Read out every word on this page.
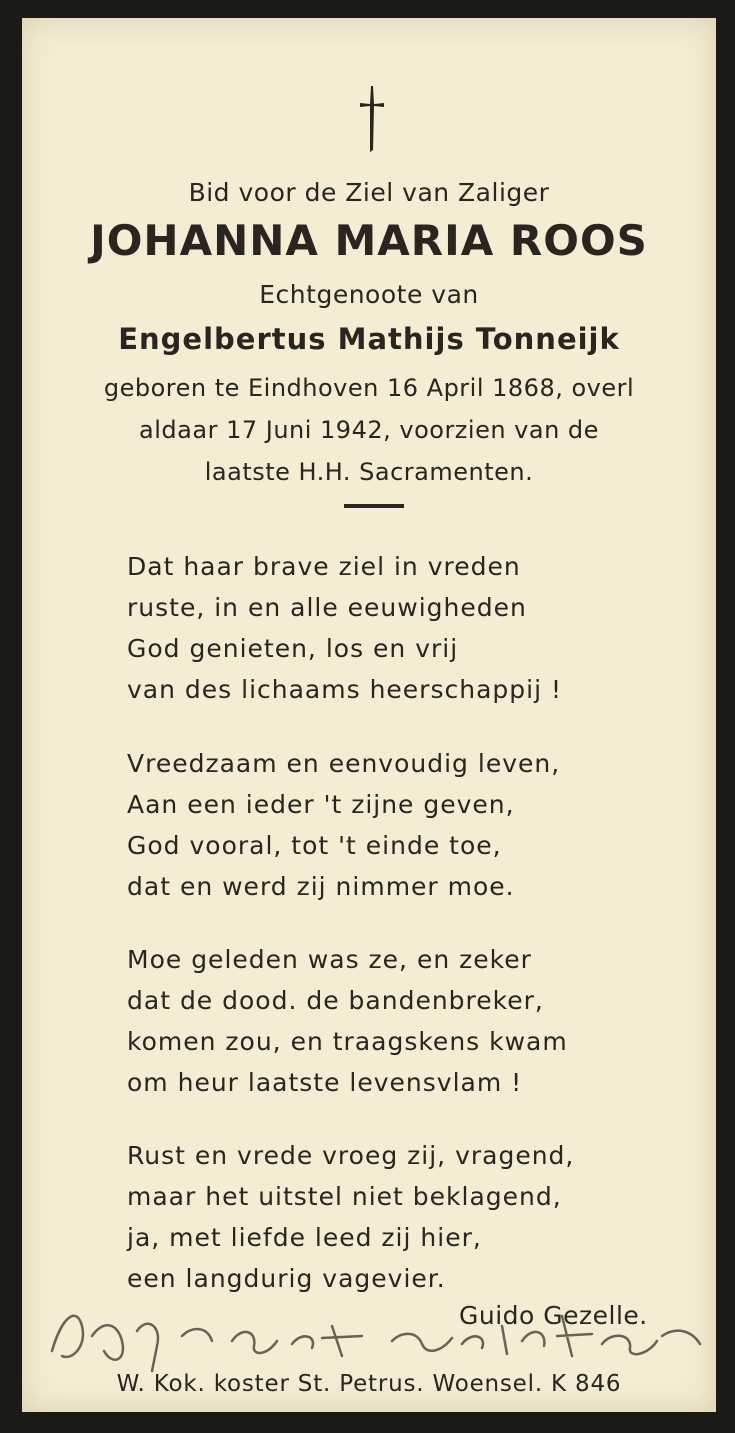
Bid voor de Ziel van Zaliger
JOHANNA MARIA ROOS
Echtgenoote van
Engelbertus Mathijs Tonneijk
geboren te Eindhoven 16 April 1868, overl
aldaar 17 Juni 1942, voorzien van de
laatste H.H. Sacramenten.
Dat haar brave ziel in vreden
ruste, in en alle eeuwigheden
God genieten, los en vrij
van des lichaams heerschappij !
Vreedzaam en eenvoudig leven,
Aan een ieder 't zijne geven,
God vooral, tot 't einde toe,
dat en werd zij nimmer moe.
Moe geleden was ze, en zeker
dat de dood. de bandenbreker,
komen zou, en traagskens kwam
om heur laatste levensvlam !
Rust en vrede vroeg zij, vragend,
maar het uitstel niet beklagend,
ja, met liefde leed zij hier,
een langdurig vagevier.
Guido Gezelle.
W. Kok. koster St. Petrus. Woensel. K 846
